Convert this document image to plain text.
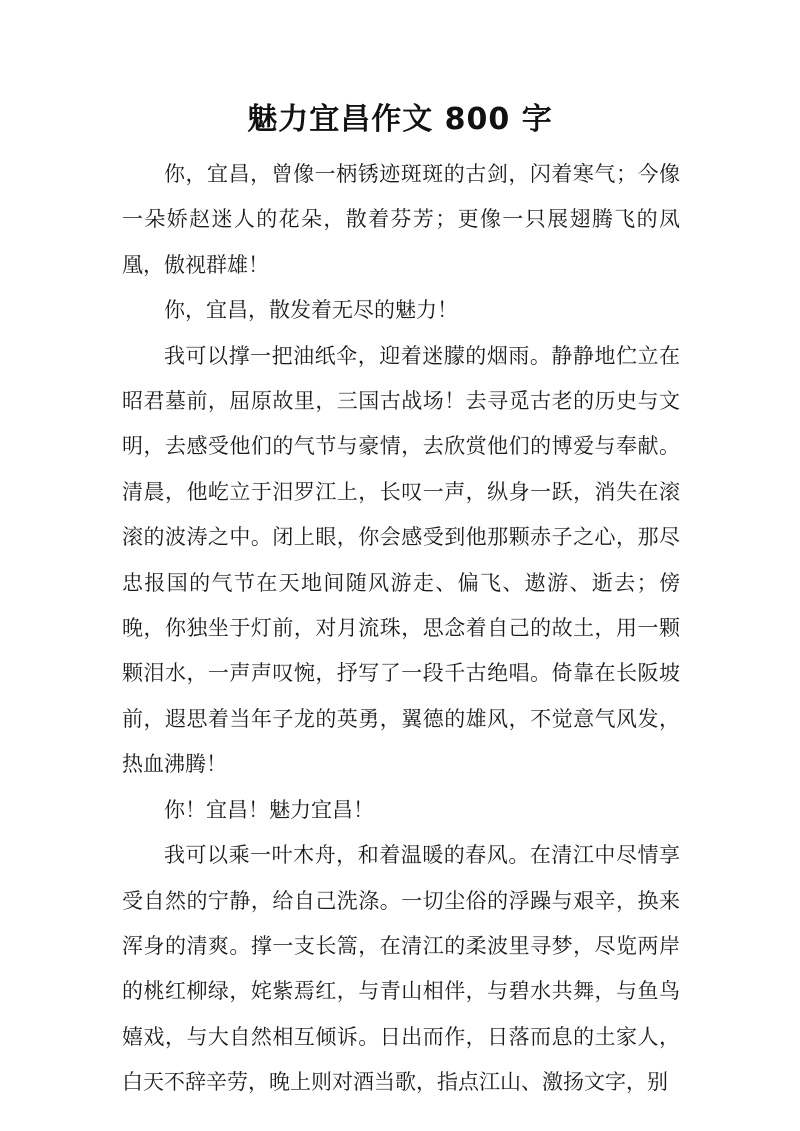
魅力宜昌作文 800 字

你，宜昌，曾像一柄锈迹斑斑的古剑，闪着寒气；今像一朵娇赵迷人的花朵，散着芬芳；更像一只展翅腾飞的凤凰，傲视群雄！

你，宜昌，散发着无尽的魅力！

我可以撑一把油纸伞，迎着迷朦的烟雨。静静地伫立在昭君墓前，屈原故里，三国古战场！去寻觅古老的历史与文明，去感受他们的气节与豪情，去欣赏他们的博爱与奉献。清晨，他屹立于汨罗江上，长叹一声，纵身一跃，消失在滚滚的波涛之中。闭上眼，你会感受到他那颗赤子之心，那尽忠报国的气节在天地间随风游走、偏飞、遨游、逝去；傍晚，你独坐于灯前，对月流珠，思念着自己的故土，用一颗颗泪水，一声声叹惋，抒写了一段千古绝唱。倚靠在长阪坡前，遐思着当年子龙的英勇，翼德的雄风，不觉意气风发，热血沸腾！

你！宜昌！魅力宜昌！

我可以乘一叶木舟，和着温暖的春风。在清江中尽情享受自然的宁静，给自己洗涤。一切尘俗的浮躁与艰辛，换来浑身的清爽。撑一支长篙，在清江的柔波里寻梦，尽览两岸的桃红柳绿，姹紫焉红，与青山相伴，与碧水共舞，与鱼鸟嬉戏，与大自然相互倾诉。日出而作，日落而息的土家人，白天不辞辛劳，晚上则对酒当歌，指点江山、激扬文字，别
